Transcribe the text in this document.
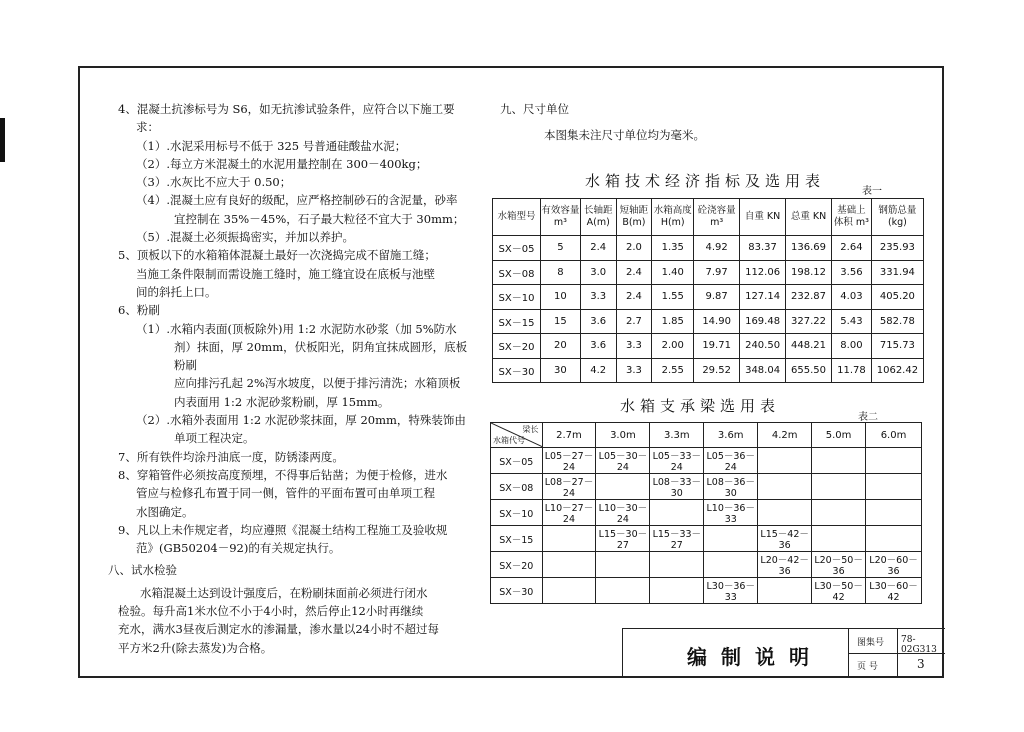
4、混凝土抗渗标号为 S6，如无抗渗试验条件，应符合以下施工要

求：

（1）.水泥采用标号不低于 325 号普通硅酸盐水泥；

（2）.每立方米混凝土的水泥用量控制在 300－400kg；

（3）.水灰比不应大于 0.50；

（4）.混凝土应有良好的级配，应严格控制砂石的含泥量，砂率

宜控制在 35%－45%，石子最大粒径不宜大于 30mm；

（5）.混凝土必须振捣密实，并加以养护。

5、顶板以下的水箱箱体混凝土最好一次浇捣完成不留施工缝；

当施工条件限制而需设施工缝时，施工缝宜设在底板与池壁

间的斜托上口。

6、粉刷

（1）.水箱内表面(顶板除外)用 1:2 水泥防水砂浆（加 5%防水

剂）抹面，厚 20mm，伏板阳光，阴角宜抹成圆形，底板粉刷

应向排污孔起 2%泻水坡度，以便于排污清洗；水箱顶板

内表面用 1:2 水泥砂浆粉刷，厚 15mm。

（2）.水箱外表面用 1:2 水泥砂浆抹面，厚 20mm，特殊装饰由

单项工程决定。

7、所有铁件均涂丹油底一度，防锈漆两度。

8、穿箱管件必须按高度预埋，不得事后钻凿；为便于检修，进水

管应与检修孔布置于同一侧，管件的平面布置可由单项工程

水图确定。

9、凡以上未作规定者，均应遵照《混凝土结构工程施工及验收规

范》(GB50204－92)的有关规定执行。

八、试水检验

水箱混凝土达到设计强度后，在粉刷抹面前必须进行闭水

检验。每升高1米水位不小于4小时，然后停止12小时再继续

充水，满水3昼夜后测定水的渗漏量，渗水量以24小时不超过每

平方米2升(除去蒸发)为合格。

九、尺寸单位

本图集未注尺寸单位均为毫米。

水箱技术经济指标及选用表
表一
水箱型号	有效容量 m³	长轴距 A(m)	短轴距 B(m)	水箱高度 H(m)	砼浇容量 m³	自重 KN	总重 KN	基础上 体积 m³	钢筋总量 (kg)
SX－05	5	2.4	2.0	1.35	4.92	83.37	136.69	2.64	235.93
SX－08	8	3.0	2.4	1.40	7.97	112.06	198.12	3.56	331.94
SX－10	10	3.3	2.4	1.55	9.87	127.14	232.87	4.03	405.20
SX－15	15	3.6	2.7	1.85	14.90	169.48	327.22	5.43	582.78
SX－20	20	3.6	3.3	2.00	19.71	240.50	448.21	8.00	715.73
SX－30	30	4.2	3.3	2.55	29.52	348.04	655.50	11.78	1062.42
水箱支承梁选用表
表二
梁长
水箱代号	2.7m	3.0m	3.3m	3.6m	4.2m	5.0m	6.0m
SX－05	L05－27－24	L05－30－24	L05－33－24	L05－36－24			
SX－08	L08－27－24		L08－33－30	L08－36－30			
SX－10	L10－27－24	L10－30－24		L10－36－33			
SX－15		L15－30－27	L15－33－27		L15－42－36		
SX－20					L20－42－36	L20－50－36	L20－60－36
SX－30				L30－36－33		L30－50－42	L30－60－42
编制说明
图集号 78-02G313
页 号	3
